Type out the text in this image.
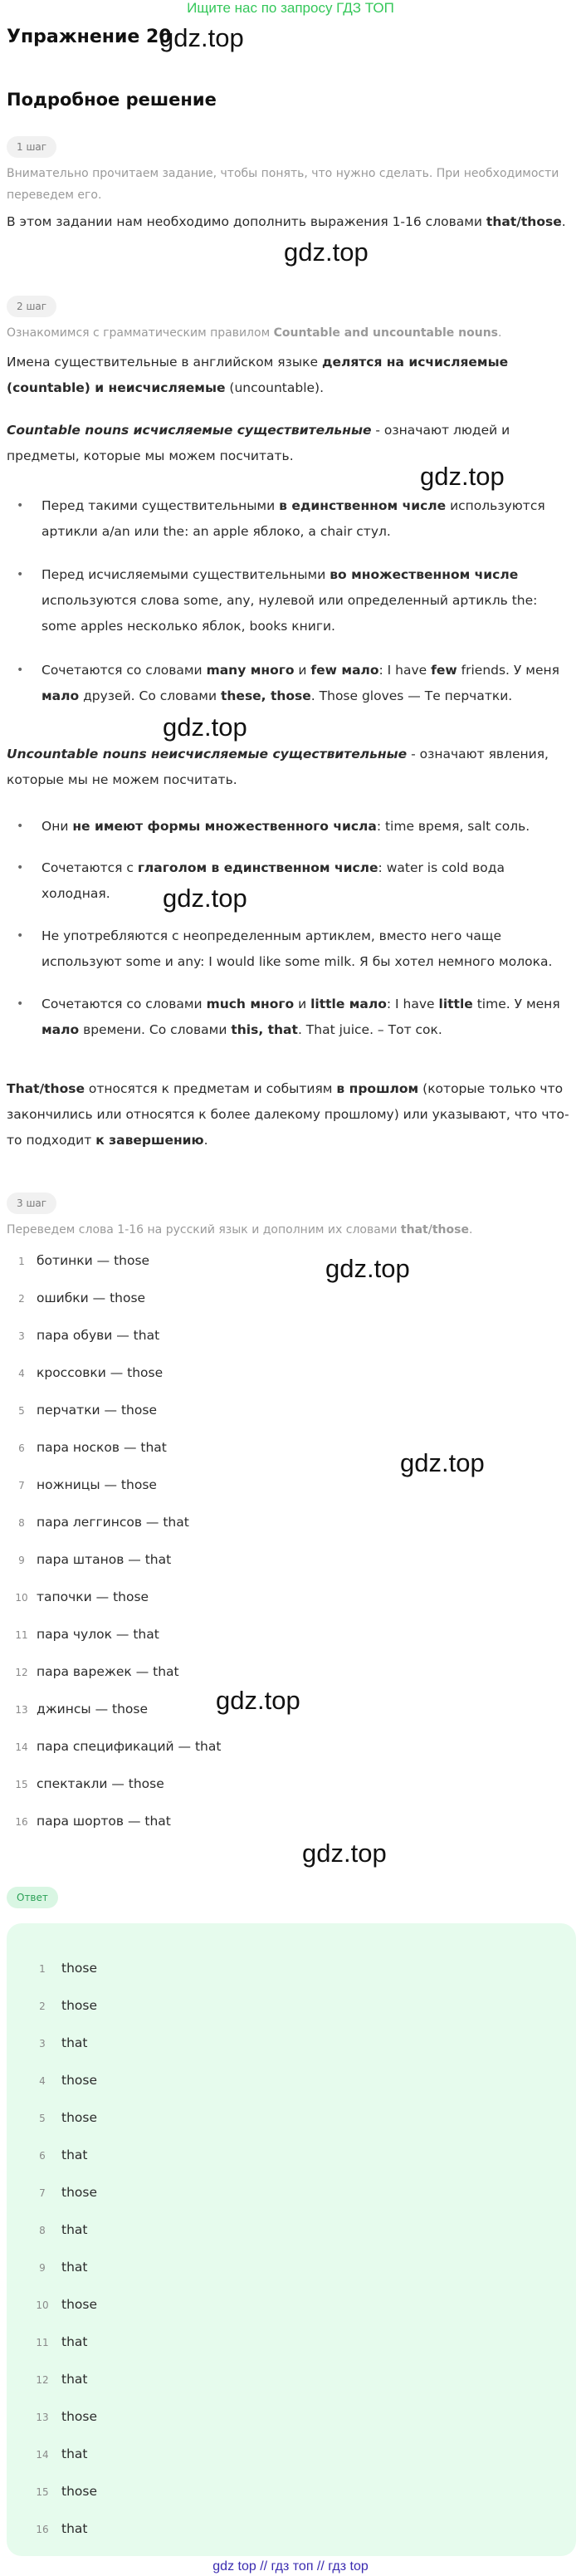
Ищите нас по запросу ГДЗ ТОП
Упражнение 20
gdz.top
gdz.top
gdz.top
gdz.top
gdz.top
gdz.top
gdz.top
gdz.top
gdz.top
Подробное решение
1 шаг

Внимательно прочитаем задание, чтобы понять, что нужно сделать. При необходимости переведем его.

В этом задании нам необходимо дополнить выражения 1-16 словами that/those.

2 шаг

Ознакомимся с грамматическим правилом Countable and uncountable nouns.

Имена существительные в английском языке делятся на исчисляемые
(countable) и неисчисляемые (uncountable).

Countable nouns исчисляемые существительные - означают людей и предметы, которые мы можем посчитать.

•	Перед такими существительными в единственном числе используются артикли a/an или the: an apple яблоко, a chair стул.
•	Перед исчисляемыми существительными во множественном числе используются слова some, any, нулевой или определенный артикль the: some apples несколько яблок, books книги.
•	Сочетаются со словами many много и few мало: I have few friends. У меня мало друзей. Со словами these, those. Those gloves — Те перчатки.

Uncountable nouns неисчисляемые существительные - означают явления, которые мы не можем посчитать.

•	Они не имеют формы множественного числа: time время, salt соль.
•	Сочетаются с глаголом в единственном числе: water is cold вода холодная.
•	Не употребляются с неопределенным артиклем, вместо него чаще используют some и any: I would like some milk. Я бы хотел немного молока.
•	Сочетаются со словами much много и little мало: I have little time. У меня мало времени. Со словами this, that. That juice. – Тот сок.

That/those относятся к предметам и событиям в прошлом (которые только что закончились или относятся к более далекому прошлому) или указывают, что что-то подходит к завершению.

3 шаг

Переведем слова 1-16 на русский язык и дополним их словами that/those.

1 ботинки — those
2 ошибки — those
3 пара обуви — that
4 кроссовки — those
5 перчатки — those
6 пара носков — that
7 ножницы — those
8 пара леггинсов — that
9 пара штанов — that
10 тапочки — those
11 пара чулок — that
12 пара варежек — that
13 джинсы — those
14 пара спецификаций — that
15 спектакли — those
16 пара шортов — that
Ответ
1 those
2 those
3 that
4 those
5 those
6 that
7 those
8 that
9 that
10 those
11 that
12 that
13 those
14 that
15 those
16 that
gdz top // гдз топ // гдз top
